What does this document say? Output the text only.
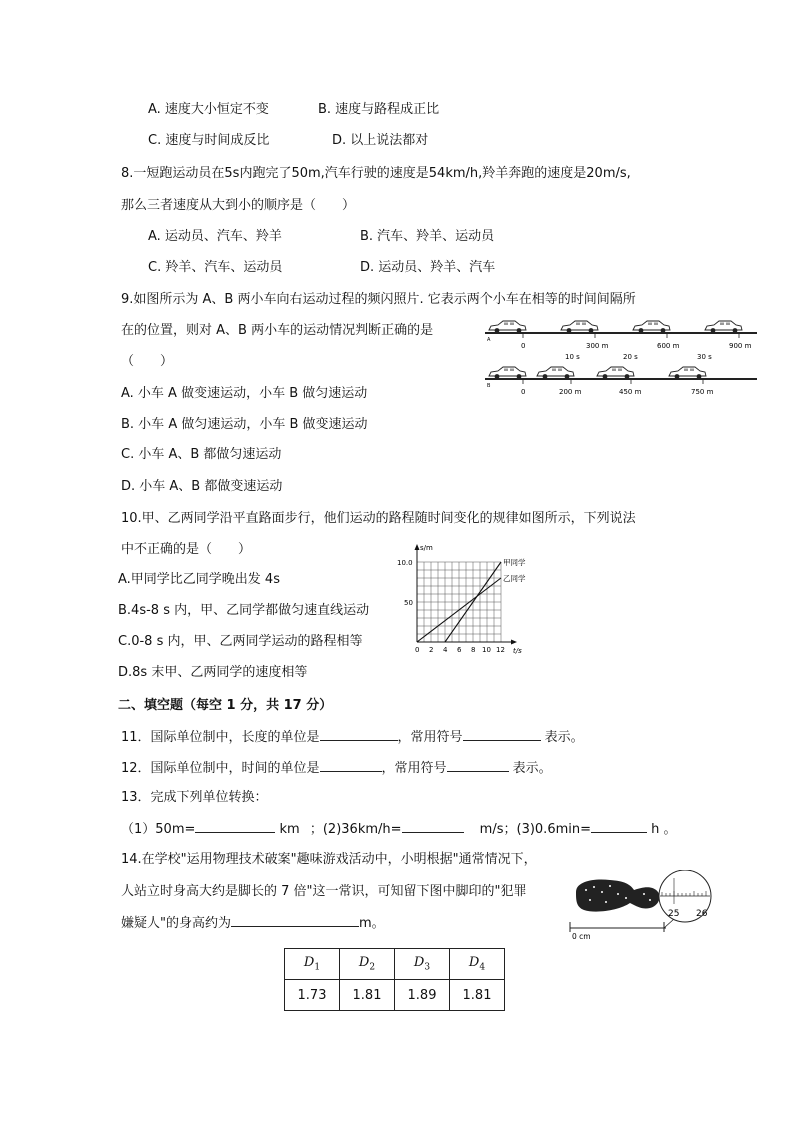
A. 速度大小恒定不变	B. 速度与路程成正比
C. 速度与时间成反比	D. 以上说法都对
8.一短跑运动员在5s内跑完了50m,汽车行驶的速度是54km/h,羚羊奔跑的速度是20m/s,
那么三者速度从大到小的顺序是（　　）
A. 运动员、汽车、羚羊	B. 汽车、羚羊、运动员
C. 羚羊、汽车、运动员	D. 运动员、羚羊、汽车
9.如图所示为 A、B 两小车向右运动过程的频闪照片. 它表示两个小车在相等的时间间隔所
在的位置，则对 A、B 两小车的运动情况判断正确的是
（　　）
A. 小车 A 做变速运动，小车 B 做匀速运动
B. 小车 A 做匀速运动，小车 B 做变速运动
C. 小车 A、B 都做匀速运动
D. 小车 A、B 都做变速运动
A
0	300 m	600 m	900 m
10 s	20 s	30 s
B
0	200 m	450 m	750 m
10.甲、乙两同学沿平直路面步行，他们运动的路程随时间变化的规律如图所示，下列说法
中不正确的是（　　）
A.甲同学比乙同学晚出发 4s
B.4s-8 s 内，甲、乙同学都做匀速直线运动
C.0-8 s 内，甲、乙两同学运动的路程相等
D.8s 末甲、乙两同学的速度相等
s/m
t/s
0 2 4 6 8 10 12
50
10.0	甲同学
乙同学
二、填空题（每空 1 分，共 17 分）
11．国际单位制中，长度的单位是	，常用符号	表示。
12．国际单位制中，时间的单位是	，常用符号	表示。
13．完成下列单位转换：
（1）50m=	km ；(2)36km/h=	m/s；(3)0.6min=	h 。
14.在学校"运用物理技术破案"趣味游戏活动中，小明根据"通常情况下，
人站立时身高大约是脚长的 7 倍"这一常识，可知留下图中脚印的"犯罪
嫌疑人"的身高约为	m。
0 cm
25 26
$D_1$	$D_2$	$D_3$	$D_4$
1.73	1.81	1.89	1.81
